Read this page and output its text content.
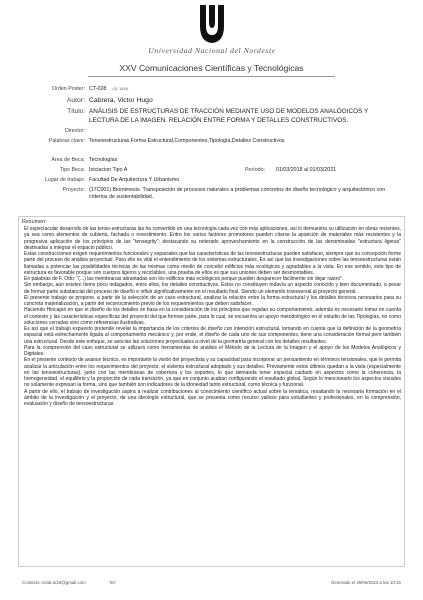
Universidad Nacional del Nordeste
XXV Comunicaciones Científicas y Tecnológicas
Orden Poster: CT-028 (ID: 1839)
Autor: Cabrera, Victor Hugo
Título: ANÁLISIS DE ESTRUCTURAS DE TRACCIÓN MEDIANTE USO DE MODELOS ANALÓGICOS Y LECTURA DE LA IMAGEN. RELACIÓN ENTRE FORMA Y DETALLES CONSTRUCTIVOS.
Director:
Palabras clave: Tensoestructuras,Forma Estructural,Componentes,Tipología,Detalles Constructivos
Área de Beca: Tecnologías
Tipo Beca: Iniciacion Tipo A	Período: 01/03/2018 al 01/03/2021
Lugar de trabajo: Facultad De Arquitectura Y Urbanismo
Proyecto: (17C001) Biomimesis. Transposición de procesos naturales a problemas concretos de diseño tecnológico y arquitectónico con criterios de sustentabilidad.
Resumen:

El espectacular desarrollo de las tenso-estructuras las ha convertido en una tecnología cada vez con más aplicaciones, así lo demuestra su utilización en obras recientes, ya sea como elementos de cubierta, fachada o revestimiento. Entre los varios factores promotores pueden citarse la aparición de materiales más resistentes y la progresiva aplicación de los principios de las "tensegrity"; destacando su reiterado aprovechamiento en la construcción de las denominadas "estructura ligeras" destinadas a integrar el espacio público.

Estas construcciones exigen requerimientos funcionales y espaciales que las características de las tensoestructuras pueden satisfacer, siempre que su concepción forme parte del proceso de análisis proyectual. Para ello es vital el entendimiento de los sistemas estructurales. Es así que las investigaciones sobre las tensoestructuras están llamadas a potenciar las posibilidades técnicas de las mismas como medio de concebir edificios más ecológicos y agradables a la vista. En ese sentido, este tipo de estructura es favorable porque son cuerpos ligeros y reciclables, una prueba de ellos es que sus uniones deben ser desmontables.

En palabras de F. Otto: "(...) las membranas atirantadas son los edificios más ecológicos porque pueden desparecer fácilmente sin dejar rastro".

Sin embargo, aún existen ítems poco indagados, entre ellos, los detalles constructivos. Estos no constituyen todavía un aspecto conocido y bien documentado, a pesar de formar parte substancial del proceso de diseño e influir significativamente en el resultado final. Siendo un elemento transversal al proyecto general.

El presente trabajo se propone, a partir de la selección de un caso estructural, analizar la relación entre la forma estructural y los detalles técnicos necesarios para su concreta materialización, a partir del reconocimiento previo de los requerimientos que deben satisfacer.

Haciendo Hincapié en que el diseño de los detalles se basa en la consideración de los principios que regulan su comportamiento, además es necesario tomar en cuenta el contexto y las características específicas del proyecto del que forman parte, para lo cual, se encuentra un apoyo metodológico en el estudio de las Tipologías, no como soluciones cerradas sino como referencias ilustrativas.

Es así que el trabajo expuesto pretende revelar la importancia de los criterios de diseño con intención estructural, tomando en cuenta que la definición de la geometría espacial está estrechamente ligada al comportamiento mecánico y, por ende, el diseño de cada uno de sus componentes, tiene una consideración formal pero también una estructural. Desde este enfoque, se asocian las soluciones proyectuales a nivel de la geometría general con los detalles resultantes.

Para la comprensión del caso estructural se utilizará como herramientas de análisis el Método de la Lectura de la Imagen y el apoyo de los Modelos Analógicos y Digitales.

En el presente contexto de avance técnico, es importante la visión del proyectista y su capacidad para incorporar un pensamiento en términos tensionales, que le permita analizar la articulación entre los requerimientos del proyecto, el sistema estructural adoptado y sus detalles. Previamente estos últimos quedan a la vista (especialmente en las tensoestructuras), junto con las membranas de cobertura y los soportes, lo que demanda tener especial cuidado en aspectos como la coherencia, la homogeneidad, el equilibrio y la proporción de cada transición, ya que en conjunto acaban configurando el resultado global. Según lo mencionado los aspectos visuales no solamente expresan la forma, sino que también son indicadores de la idoneidad tanto estructural, como técnica y funcional.

A partir de ello, el trabajo de investigación aspira a realizar contribuciones al conocimiento científico actual sobre la temática, resaltando la necesaria formación en el ámbito de la investigación y el proyecto, de una ideología estructural, que se presenta como recurso valioso para estudiantes y profesionales, en la comprensión, evaluación y diseño de tensoestructuras.

Contacto: vcab.ar18@gmail.com	Tel:	Generado el 29/06/2023 a las 10:16
